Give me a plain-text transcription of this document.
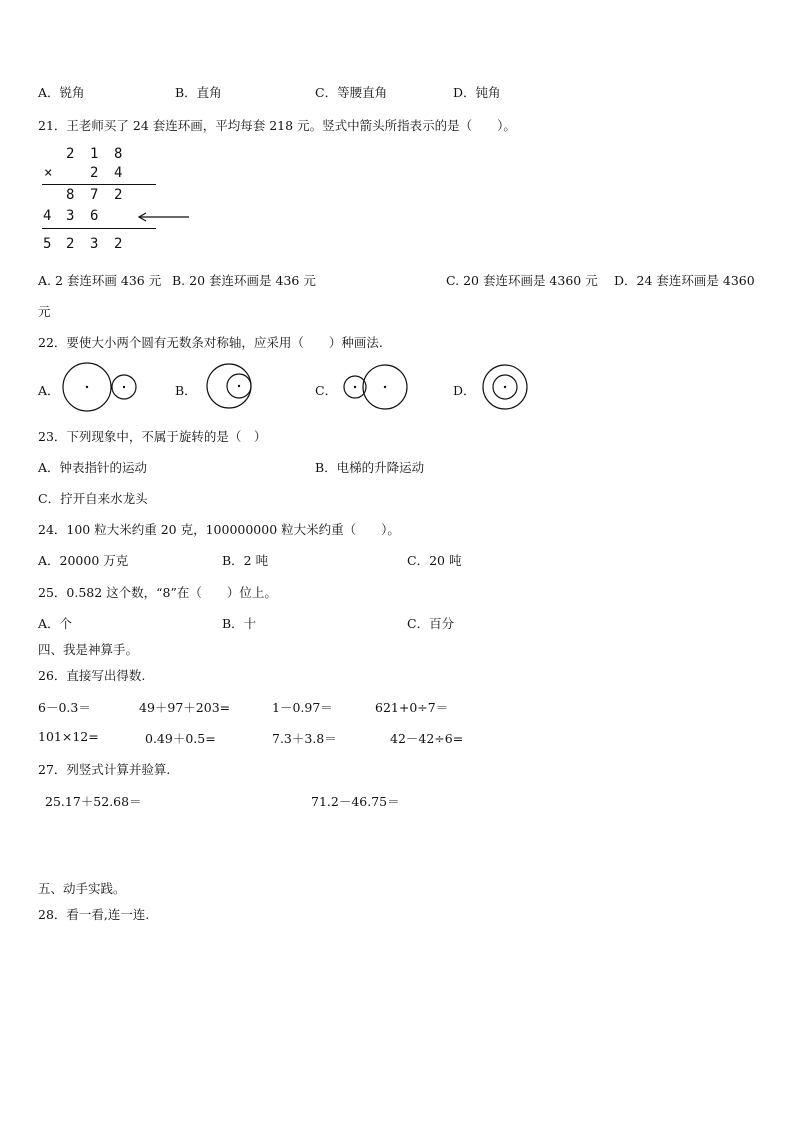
A．锐角	B．直角	C．等腰直角	D．钝角
21．王老师买了 24 套连环画，平均每套 218 元。竖式中箭头所指表示的是（　　）。
2 1 8
×	2 4
8 7 2
4 3 6
5 2 3 2
A. 2 套连环画 436 元 B. 20 套连环画是 436 元	C. 20 套连环画是 4360 元 D．24 套连环画是 4360
元
22．要使大小两个圆有无数条对称轴，应采用（　　）种画法.
A．	B．	C．	D．
23．下列现象中，不属于旋转的是（　）
A．钟表指针的运动	B．电梯的升降运动
C．拧开自来水龙头
24．100 粒大米约重 20 克，100000000 粒大米约重（　　）。
A．20000 万克	B．2 吨	C．20 吨
25．0.582 这个数，“8”在（　　）位上。
A．个	B．十	C．百分
四、我是神算手。
26．直接写出得数.
6－0.3＝	49＋97＋203=	1－0.97＝	621+0÷7＝
101×12=	0.49＋0.5=	7.3＋3.8＝	42－42÷6=
27．列竖式计算并验算.
25.17＋52.68＝	71.2－46.75＝
五、动手实践。
28．看一看,连一连.
